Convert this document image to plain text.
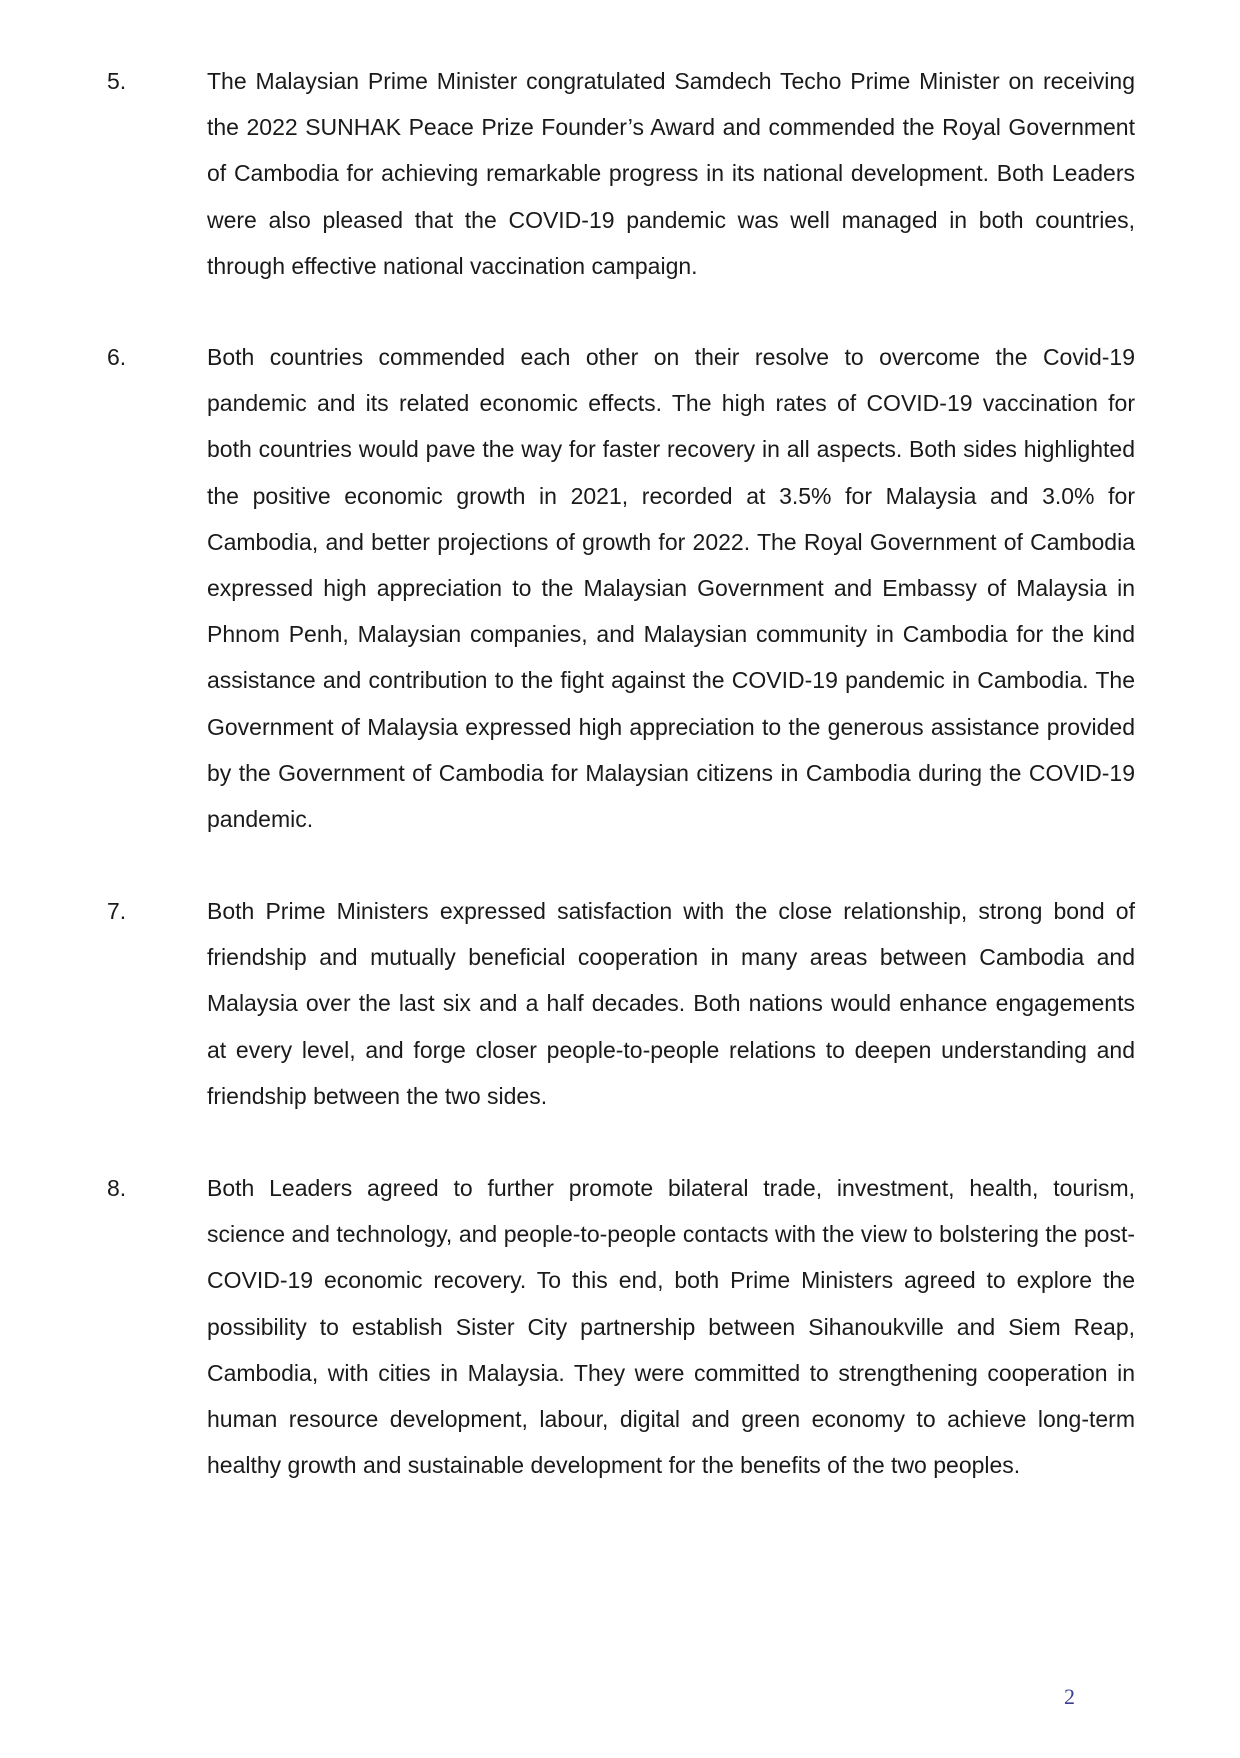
5.	The Malaysian Prime Minister congratulated Samdech Techo Prime Minister on receiving the 2022 SUNHAK Peace Prize Founder’s Award and commended the Royal Government of Cambodia for achieving remarkable progress in its national development. Both Leaders were also pleased that the COVID-19 pandemic was well managed in both countries, through effective national vaccination campaign.

6.	Both countries commended each other on their resolve to overcome the Covid-19 pandemic and its related economic effects. The high rates of COVID-19 vaccination for both countries would pave the way for faster recovery in all aspects. Both sides highlighted the positive economic growth in 2021, recorded at 3.5% for Malaysia and 3.0% for Cambodia, and better projections of growth for 2022. The Royal Government of Cambodia expressed high appreciation to the Malaysian Government and Embassy of Malaysia in Phnom Penh, Malaysian companies, and Malaysian community in Cambodia for the kind assistance and contribution to the fight against the COVID-19 pandemic in Cambodia. The Government of Malaysia expressed high appreciation to the generous assistance provided by the Government of Cambodia for Malaysian citizens in Cambodia during the COVID-19 pandemic.

7.	Both Prime Ministers expressed satisfaction with the close relationship, strong bond of friendship and mutually beneficial cooperation in many areas between Cambodia and Malaysia over the last six and a half decades. Both nations would enhance engagements at every level, and forge closer people-to-people relations to deepen understanding and friendship between the two sides.

8.	Both Leaders agreed to further promote bilateral trade, investment, health, tourism, science and technology, and people-to-people contacts with the view to bolstering the post-COVID-19 economic recovery. To this end, both Prime Ministers agreed to explore the possibility to establish Sister City partnership between Sihanoukville and Siem Reap, Cambodia, with cities in Malaysia. They were committed to strengthening cooperation in human resource development, labour, digital and green economy to achieve long-term healthy growth and sustainable development for the benefits of the two peoples.

2
